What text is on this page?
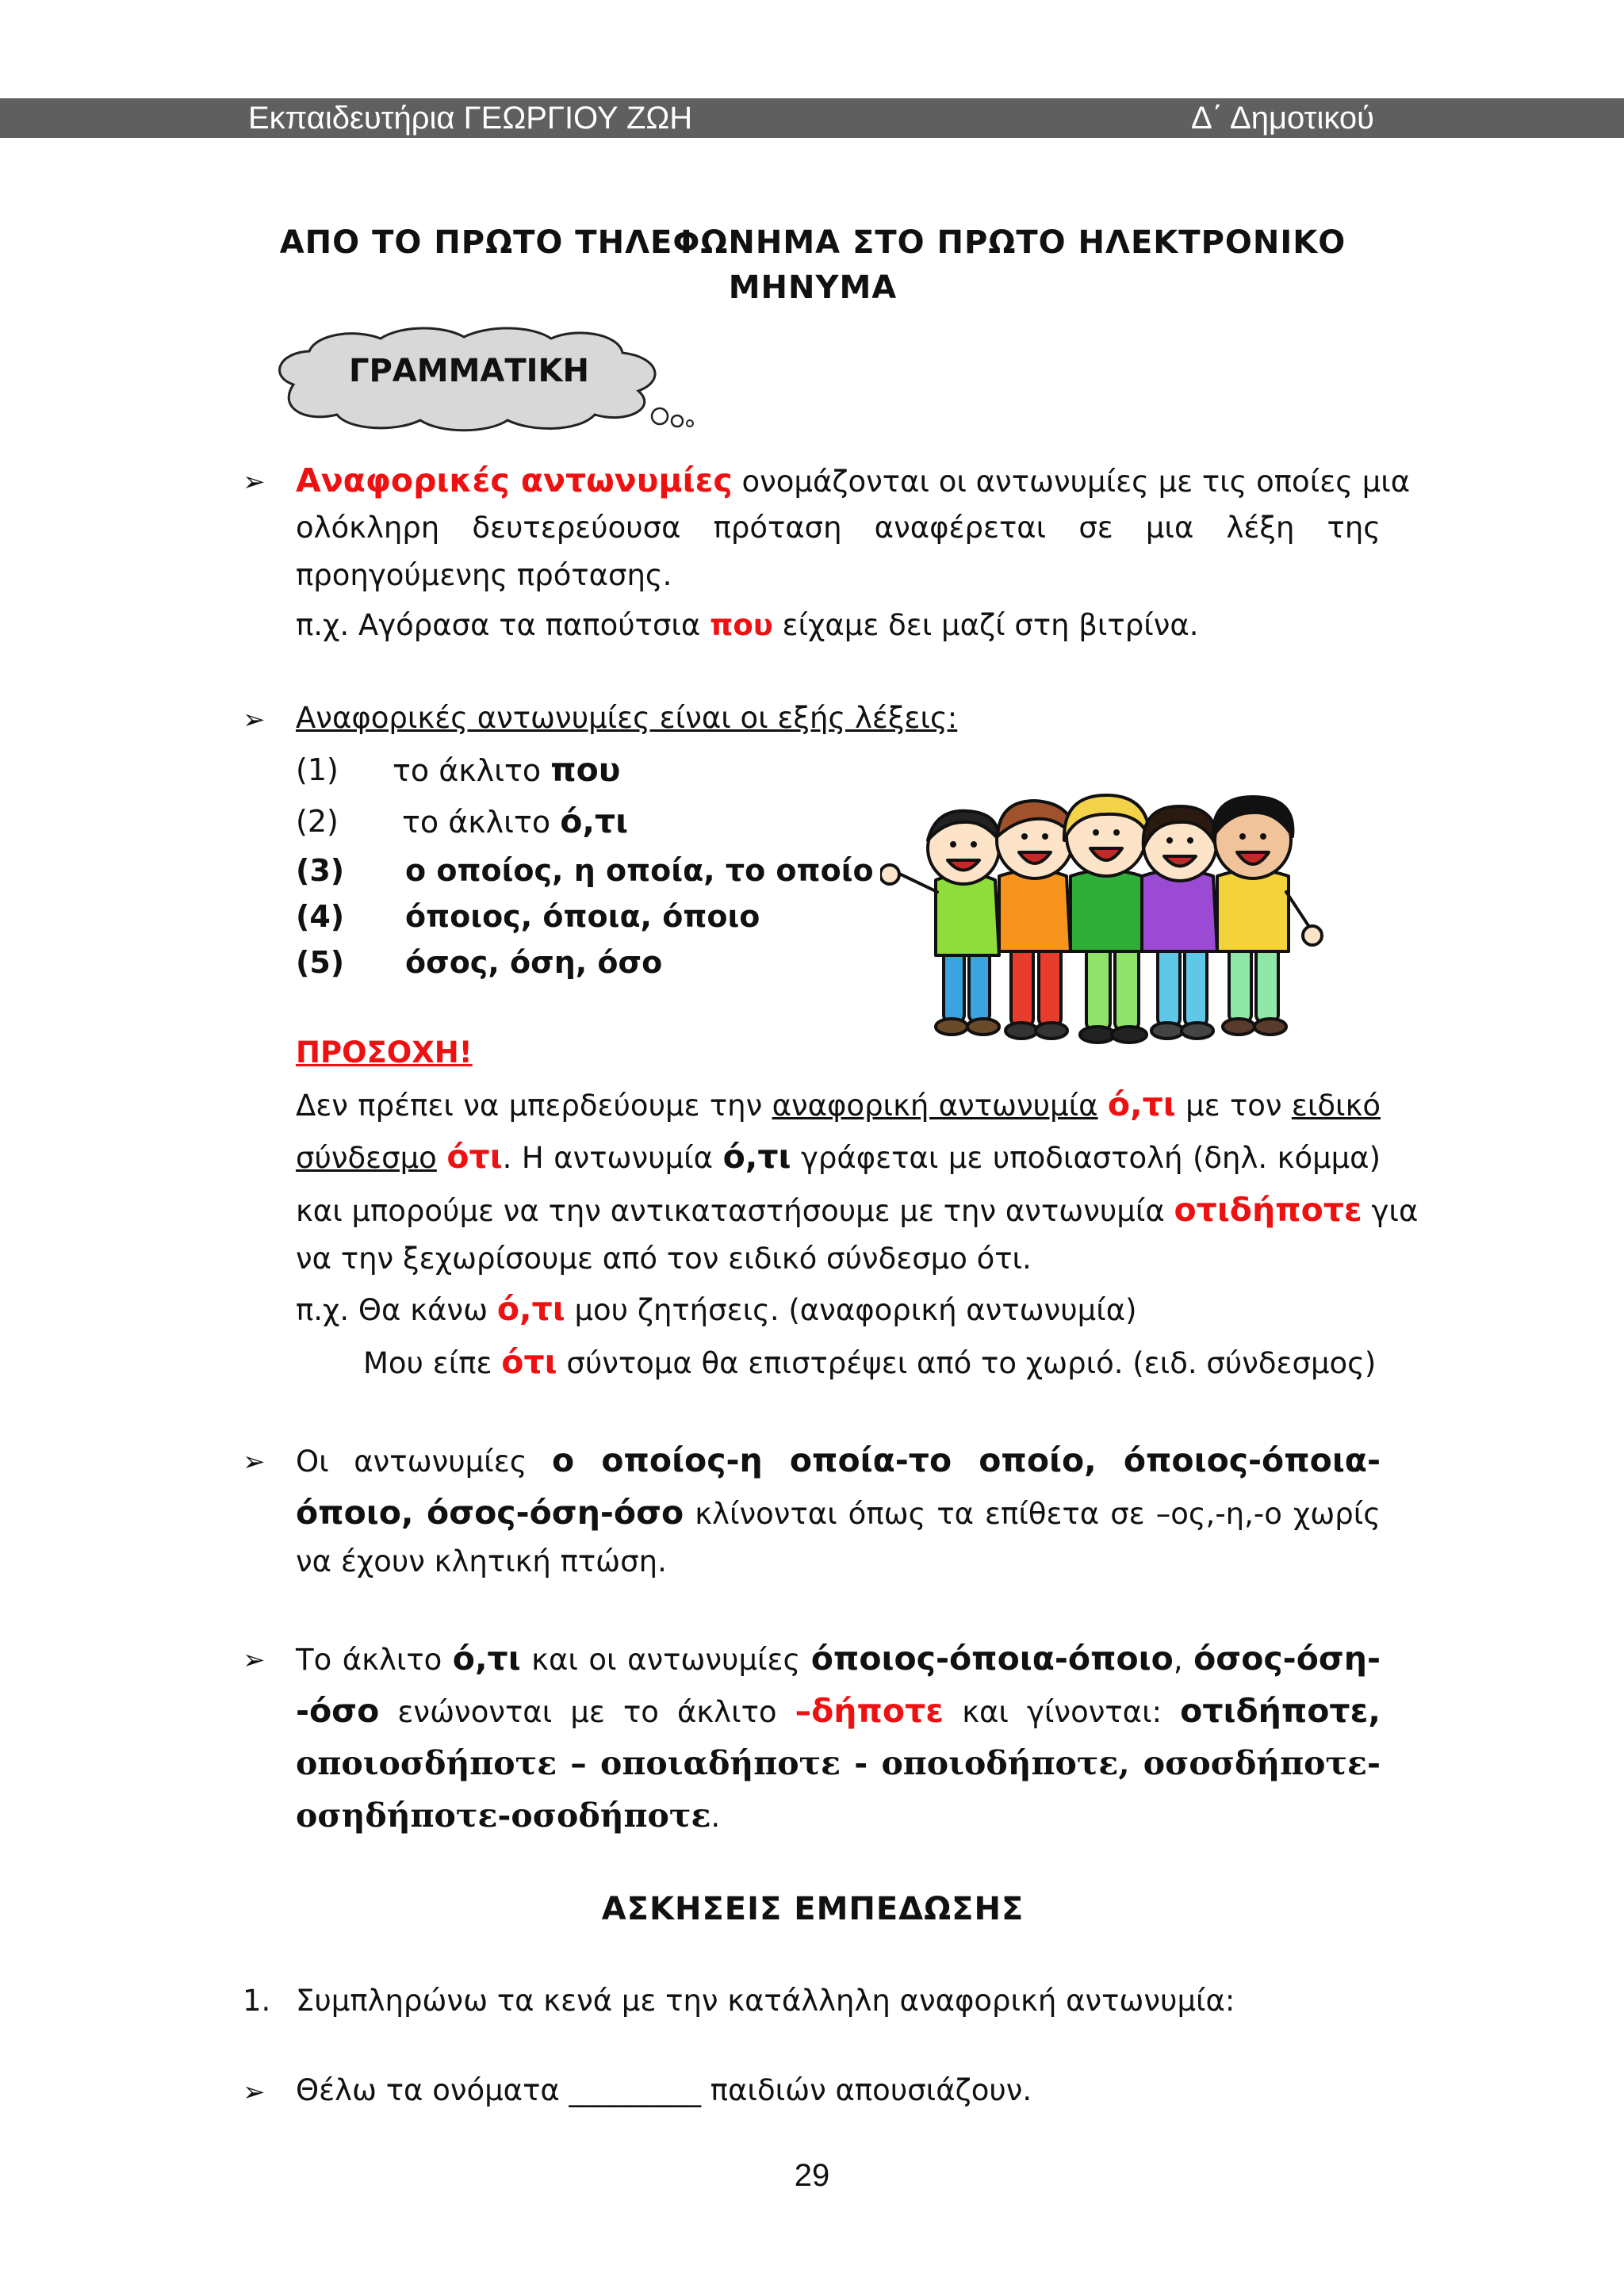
Εκπαιδευτήρια ΓΕΩΡΓΙΟΥ ΖΩΗ	Δ΄ Δημοτικού
ΑΠΟ ΤΟ ΠΡΩΤΟ ΤΗΛΕΦΩΝΗΜΑ ΣΤΟ ΠΡΩΤΟ ΗΛΕΚΤΡΟΝΙΚΟ
ΜΗΝΥΜΑ
ΓΡΑΜΜΑΤΙΚΗ
➢ Αναφορικές αντωνυμίες ονομάζονται οι αντωνυμίες με τις οποίες μια
ολόκληρη δευτερεύουσα πρόταση αναφέρεται σε μια λέξη της
προηγούμενης πρότασης.
π.χ. Αγόρασα τα παπούτσια που είχαμε δει μαζί στη βιτρίνα.
➢ Αναφορικές αντωνυμίες είναι οι εξής λέξεις:
(1) το άκλιτο που
(2) το άκλιτο ό,τι
(3) ο οποίος, η οποία, το οποίο
(4) όποιος, όποια, όποιο
(5) όσος, όση, όσο
ΠΡΟΣΟΧΗ!
Δεν πρέπει να μπερδεύουμε την αναφορική αντωνυμία ό,τι με τον ειδικό
σύνδεσμο ότι. Η αντωνυμία ό,τι γράφεται με υποδιαστολή (δηλ. κόμμα)
και μπορούμε να την αντικαταστήσουμε με την αντωνυμία οτιδήποτε για
να την ξεχωρίσουμε από τον ειδικό σύνδεσμο ότι.
π.χ. Θα κάνω ό,τι μου ζητήσεις. (αναφορική αντωνυμία)
Μου είπε ότι σύντομα θα επιστρέψει από το χωριό. (ειδ. σύνδεσμος)
➢ Οι αντωνυμίες ο οποίος-η οποία-το οποίο, όποιος-όποια-
όποιο, όσος-όση-όσο κλίνονται όπως τα επίθετα σε –ος,-η,-ο χωρίς
να έχουν κλητική πτώση.
➢ Το άκλιτο ό,τι και οι αντωνυμίες όποιος-όποια-όποιο, όσος-όση-
-όσο ενώνονται με το άκλιτο –δήποτε και γίνονται: οτιδήποτε,
οποιοσδήποτε – οποιαδήποτε - οποιοδήποτε, οσοσδήποτε-
οσηδήποτε-οσοδήποτε.
ΑΣΚΗΣΕΙΣ ΕΜΠΕΔΩΣΗΣ
1. Συμπληρώνω τα κενά με την κατάλληλη αναφορική αντωνυμία:
➢ Θέλω τα ονόματα _________ παιδιών απουσιάζουν.
29
